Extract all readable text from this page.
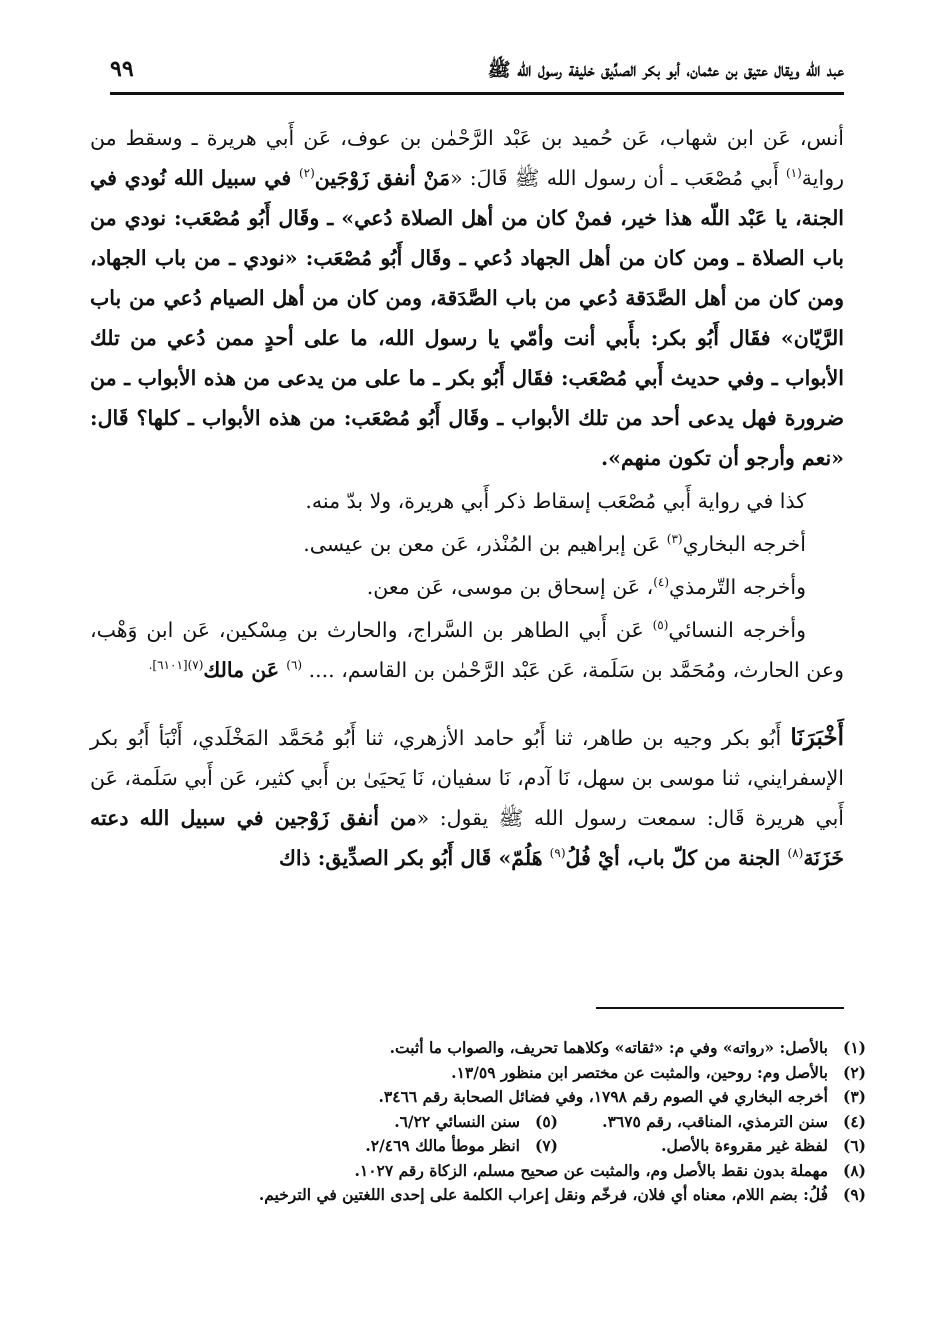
عبد الله ويقال عتيق بن عثمان، أبو بكر الصدِّيق خليفة رسول الله ﷺ
٩٩

أنس، عَن ابن شهاب، عَن حُميد بن عَبْد الرَّحْمٰن بن عوف، عَن أَبي هريرة ـ وسقط من رواية$^{(١)}$ أَبي مُصْعَب ـ أن رسول الله ﷺ قَالَ: «مَنْ أنفق زَوْجَين$^{(٢)}$ في سبيل الله نُودي في الجنة، يا عَبْد اللّه هذا خير، فمنْ كان من أهل الصلاة دُعي» ـ وقَال أَبُو مُصْعَب: نودي من باب الصلاة ـ ومن كان من أهل الجهاد دُعي ـ وقَال أَبُو مُصْعَب: «نودي ـ من باب الجهاد، ومن كان من أهل الصَّدَقة دُعي من باب الصَّدَقة، ومن كان من أهل الصيام دُعي من باب الرَّيّان» فقَال أَبُو بكر: بأَبي أنت وأمّي يا رسول الله، ما على أحدٍ ممن دُعي من تلك الأبواب ـ وفي حديث أَبي مُصْعَب: فقَال أَبُو بكر ـ ما على من يدعى من هذه الأبواب ـ من ضرورة فهل يدعى أحد من تلك الأبواب ـ وقَال أَبُو مُصْعَب: من هذه الأبواب ـ كلها؟ قَال: «نعم وأرجو أن تكون منهم».

كذا في رواية أَبي مُصْعَب إسقاط ذكر أَبي هريرة، ولا بدّ منه.

أخرجه البخاري$^{(٣)}$ عَن إبراهيم بن المُنْذر، عَن معن بن عيسى.

وأخرجه التّرمذي$^{(٤)}$، عَن إسحاق بن موسى، عَن معن.

وأخرجه النسائي$^{(٥)}$ عَن أَبي الطاهر بن السَّراج، والحارث بن مِسْكين، عَن ابن وَهْب، وعن الحارث، ومُحَمَّد بن سَلَمة، عَن عَبْد الرَّحْمٰن بن القاسم، .... $^{(٦)}$ عَن مالك$^{(٧)[٦١٠١].}$

أَخْبَرَنَا أَبُو بكر وجيه بن طاهر، ثنا أَبُو حامد الأزهري، ثنا أَبُو مُحَمَّد المَخْلَدي، أَنْبَأ أَبُو بكر الإسفرايني، ثنا موسى بن سهل، نَا آدم، نَا سفيان، نَا يَحيَىٰ بن أَبي كثير، عَن أَبي سَلَمة، عَن أَبي هريرة قَال: سمعت رسول الله ﷺ يقول: «من أنفق زَوْجين في سبيل الله دعته خَزَنَة$^{(٨)}$ الجنة من كلّ باب، أيْ فُلُ$^{(٩)}$ هَلُمّ» قَال أَبُو بكر الصدِّيق: ذاك

(١)
بالأصل: «رواته» وفي م: «ثقاته» وكلاهما تحريف، والصواب ما أثبت.
(٢)
بالأصل وم: روحين، والمثبت عن مختصر ابن منظور ١٣/٥٩.
(٣)
أخرجه البخاري في الصوم رقم ١٧٩٨، وفي فضائل الصحابة رقم ٣٤٦٦.
(٤)
سنن الترمذي، المناقب، رقم ٣٦٧٥.
(٥)
سنن النسائي ٦/٢٢.
(٦)
لفظة غير مقروءة بالأصل.
(٧)
انظر موطأ مالك ٢/٤٦٩.
(٨)
مهملة بدون نقط بالأصل وم، والمثبت عن صحيح مسلم، الزكاة رقم ١٠٢٧.
(٩)
فُلُ: بضم اللام، معناه أي فلان، فرخّم ونقل إعراب الكلمة على إحدى اللغتين في الترخيم.
